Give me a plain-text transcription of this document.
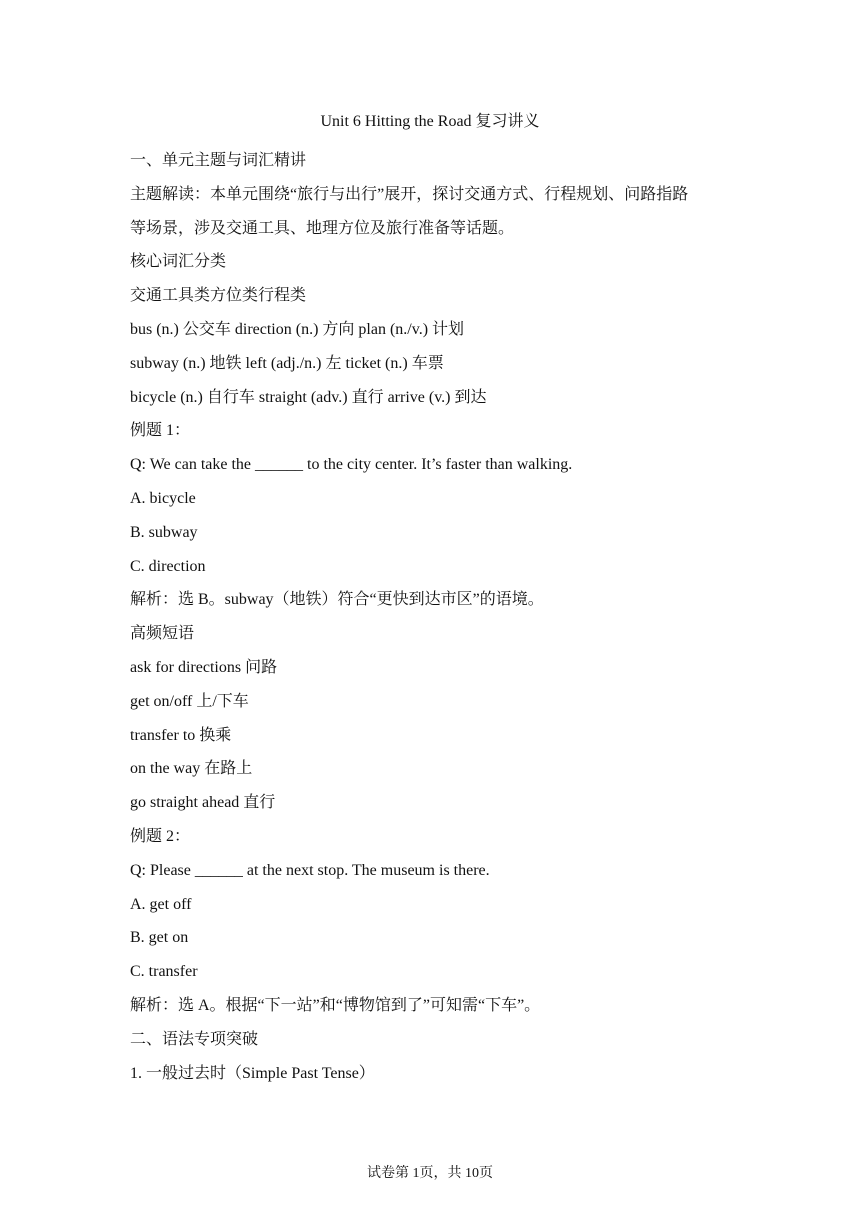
Unit 6 Hitting the Road 复习讲义
一、单元主题与词汇精讲
主题解读：本单元围绕“旅行与出行”展开，探讨交通方式、行程规划、问路指路
等场景，涉及交通工具、地理方位及旅行准备等话题。
核心词汇分类
交通工具类方位类行程类
bus (n.) 公交车 direction (n.) 方向 plan (n./v.) 计划
subway (n.) 地铁 left (adj./n.) 左 ticket (n.) 车票
bicycle (n.) 自行车 straight (adv.) 直行 arrive (v.) 到达
例题 1：
Q: We can take the ______ to the city center. It’s faster than walking.
A. bicycle
B. subway
C. direction
解析：选 B。subway（地铁）符合“更快到达市区”的语境。
高频短语
ask for directions 问路
get on/off 上/下车
transfer to 换乘
on the way 在路上
go straight ahead 直行
例题 2：
Q: Please ______ at the next stop. The museum is there.
A. get off
B. get on
C. transfer
解析：选 A。根据“下一站”和“博物馆到了”可知需“下车”。
二、语法专项突破
1. 一般过去时（Simple Past Tense）
试卷第 1页，共 10页
